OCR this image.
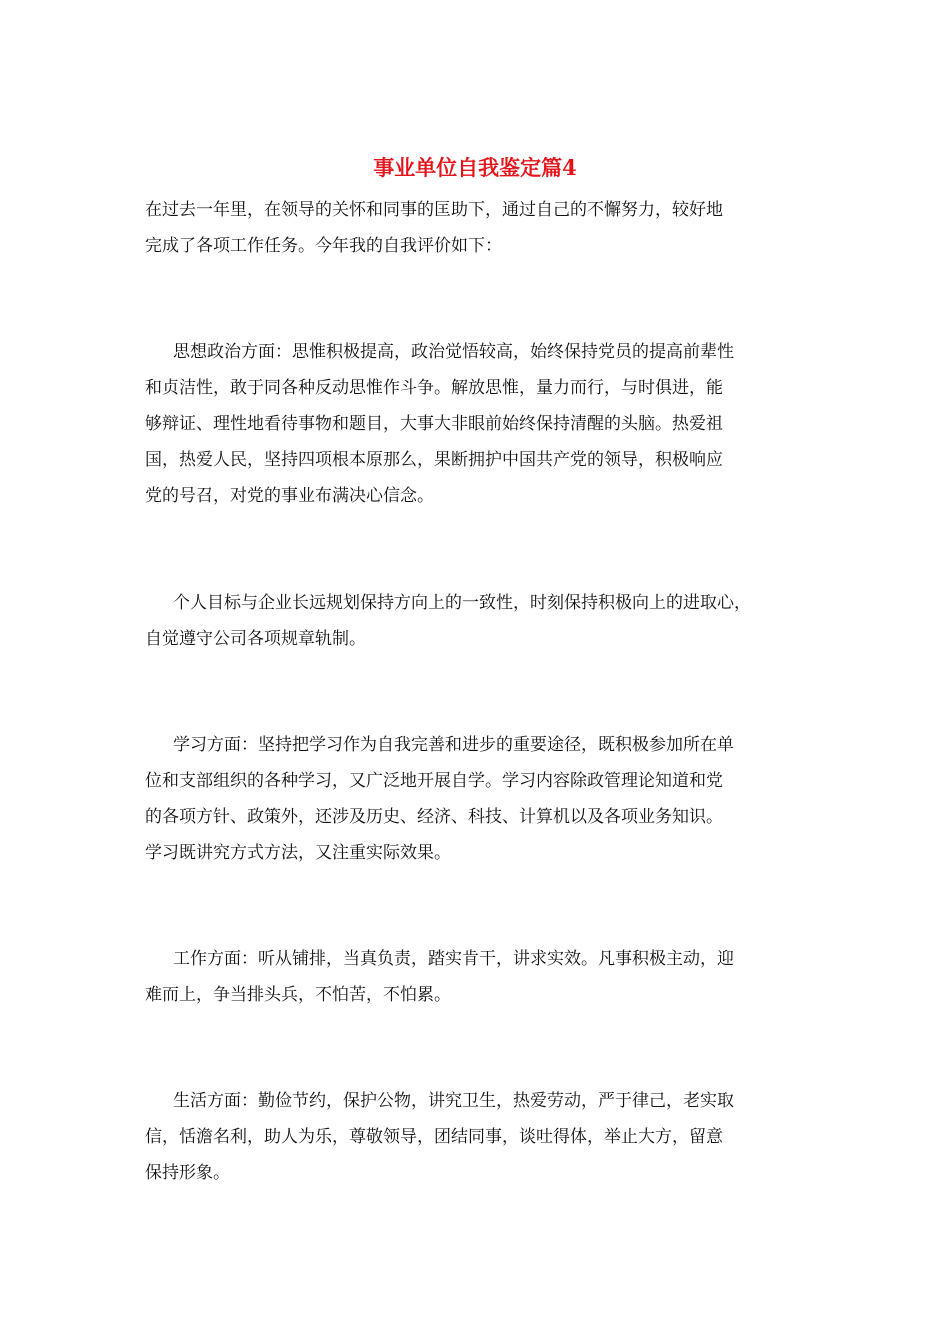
事业单位自我鉴定篇4

在过去一年里，在领导的关怀和同事的匡助下，通过自己的不懈努力，较好地

完成了各项工作任务。今年我的自我评价如下：

思想政治方面：思惟积极提高，政治觉悟较高，始终保持党员的提高前辈性

和贞洁性，敢于同各种反动思惟作斗争。解放思惟，量力而行，与时俱进，能

够辩证、理性地看待事物和题目，大事大非眼前始终保持清醒的头脑。热爱祖

国，热爱人民，坚持四项根本原那么，果断拥护中国共产党的领导，积极响应

党的号召，对党的事业布满决心信念。

个人目标与企业长远规划保持方向上的一致性，时刻保持积极向上的进取心，

自觉遵守公司各项规章轨制。

学习方面：坚持把学习作为自我完善和进步的重要途径，既积极参加所在单

位和支部组织的各种学习，又广泛地开展自学。学习内容除政管理论知道和党

的各项方针、政策外，还涉及历史、经济、科技、计算机以及各项业务知识。

学习既讲究方式方法，又注重实际效果。

工作方面：听从铺排，当真负责，踏实肯干，讲求实效。凡事积极主动，迎

难而上，争当排头兵，不怕苦，不怕累。

生活方面：勤俭节约，保护公物，讲究卫生，热爱劳动，严于律己，老实取

信，恬澹名利，助人为乐，尊敬领导，团结同事，谈吐得体，举止大方，留意

保持形象。
